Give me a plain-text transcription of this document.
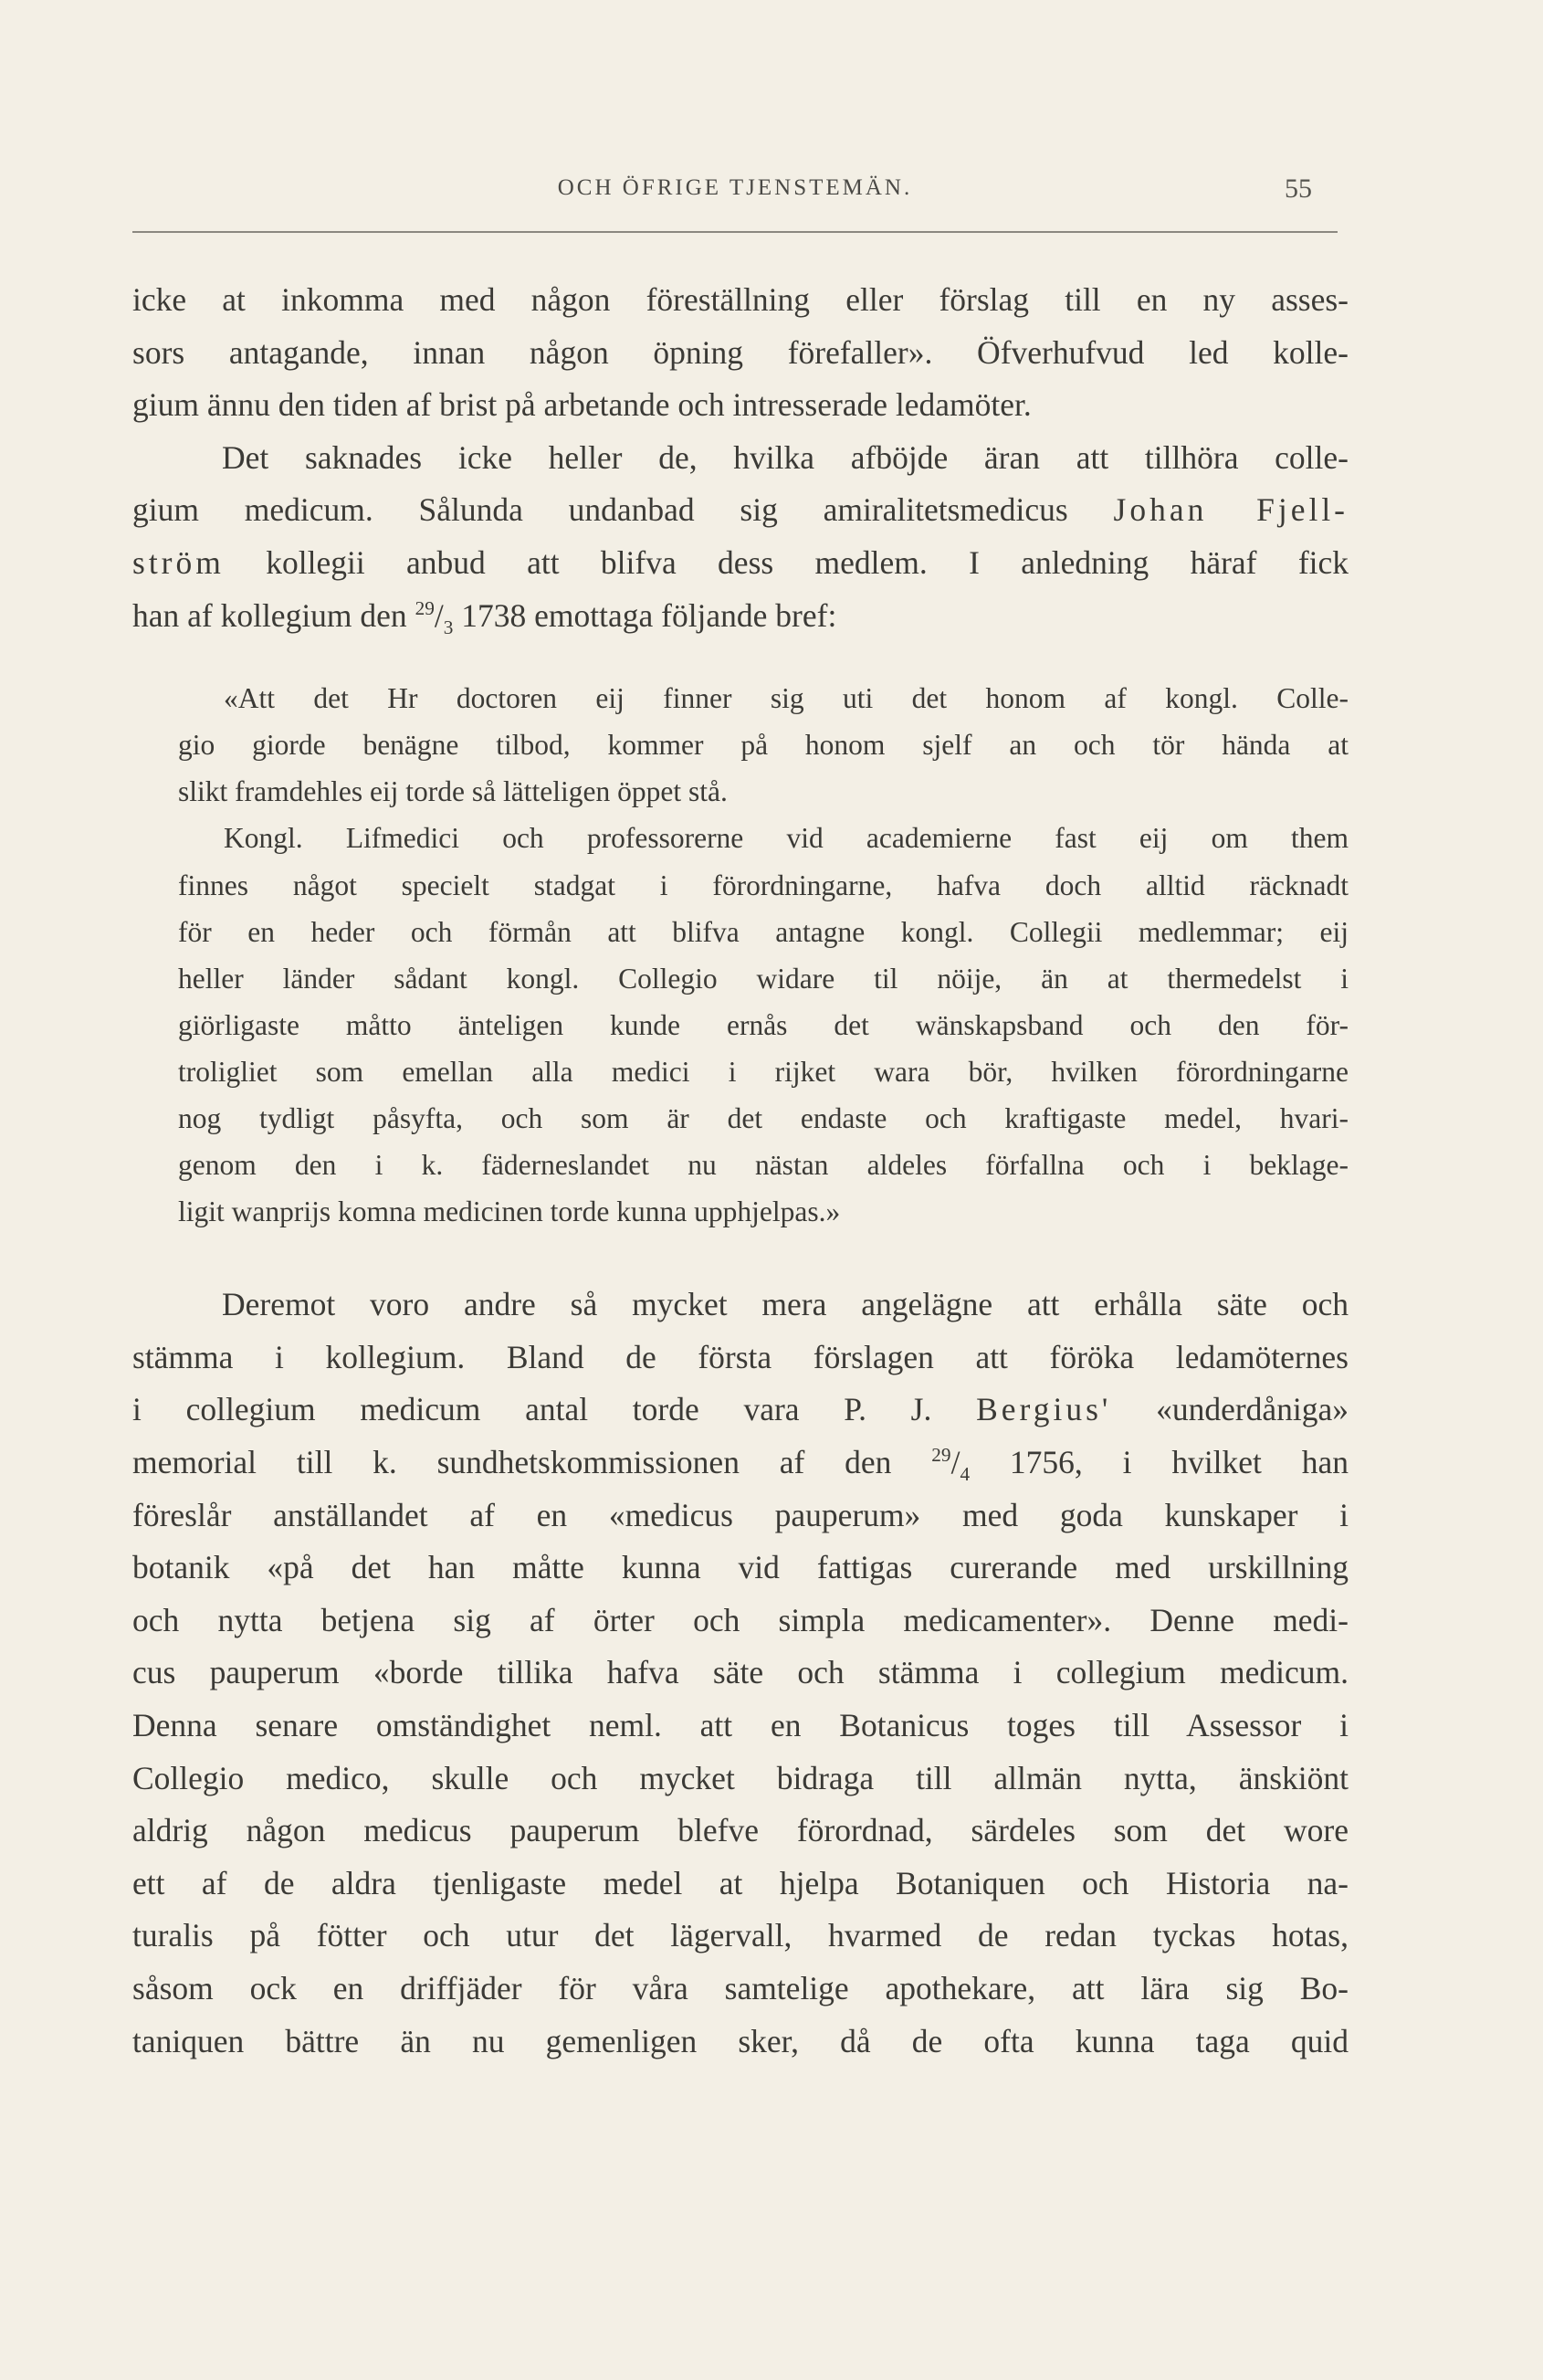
OCH ÖFRIGE TJENSTEMÄN.	55

icke at inkomma med någon föreställning eller förslag till en ny asses-
sors antagande, innan någon öpning förefaller». Öfverhufvud led kolle-
gium ännu den tiden af brist på arbetande och intresserade ledamöter.

Det saknades icke heller de, hvilka afböjde äran att tillhöra colle-
gium medicum. Sålunda undanbad sig amiralitetsmedicus Johan Fjell-
ström kollegii anbud att blifva dess medlem. I anledning häraf fick
han af kollegium den $^{29}/_3$ 1738 emottaga följande bref:

«Att det Hr doctoren eij finner sig uti det honom af kongl. Colle-
gio giorde benägne tilbod, kommer på honom sjelf an och tör hända at
slikt framdehles eij torde så lätteligen öppet stå.
Kongl. Lifmedici och professorerne vid academierne fast eij om them
finnes något specielt stadgat i förordningarne, hafva doch alltid räcknadt
för en heder och förmån att blifva antagne kongl. Collegii medlemmar; eij
heller länder sådant kongl. Collegio widare til nöije, än at thermedelst i
giörligaste måtto änteligen kunde ernås det wänskapsband och den för-
troligliet som emellan alla medici i rijket wara bör, hvilken förordningarne
nog tydligt påsyfta, och som är det endaste och kraftigaste medel, hvari-
genom den i k. fäderneslandet nu nästan aldeles förfallna och i beklage-
ligit wanprijs komna medicinen torde kunna upphjelpas.»

Deremot voro andre så mycket mera angelägne att erhålla säte och
stämma i kollegium. Bland de första förslagen att föröka ledamöternes
i collegium medicum antal torde vara P. J. Bergius' «underdåniga»
memorial till k. sundhetskommissionen af den $^{29}/_4$ 1756, i hvilket han
föreslår anställandet af en «medicus pauperum» med goda kunskaper i
botanik «på det han måtte kunna vid fattigas curerande med urskillning
och nytta betjena sig af örter och simpla medicamenter». Denne medi-
cus pauperum «borde tillika hafva säte och stämma i collegium medicum.
Denna senare omständighet neml. att en Botanicus toges till Assessor i
Collegio medico, skulle och mycket bidraga till allmän nytta, änskiönt
aldrig någon medicus pauperum blefve förordnad, särdeles som det wore
ett af de aldra tjenligaste medel at hjelpa Botaniquen och Historia na-
turalis på fötter och utur det lägervall, hvarmed de redan tyckas hotas,
såsom ock en driffjäder för våra samtelige apothekare, att lära sig Bo-
taniquen bättre än nu gemenligen sker, då de ofta kunna taga quid
